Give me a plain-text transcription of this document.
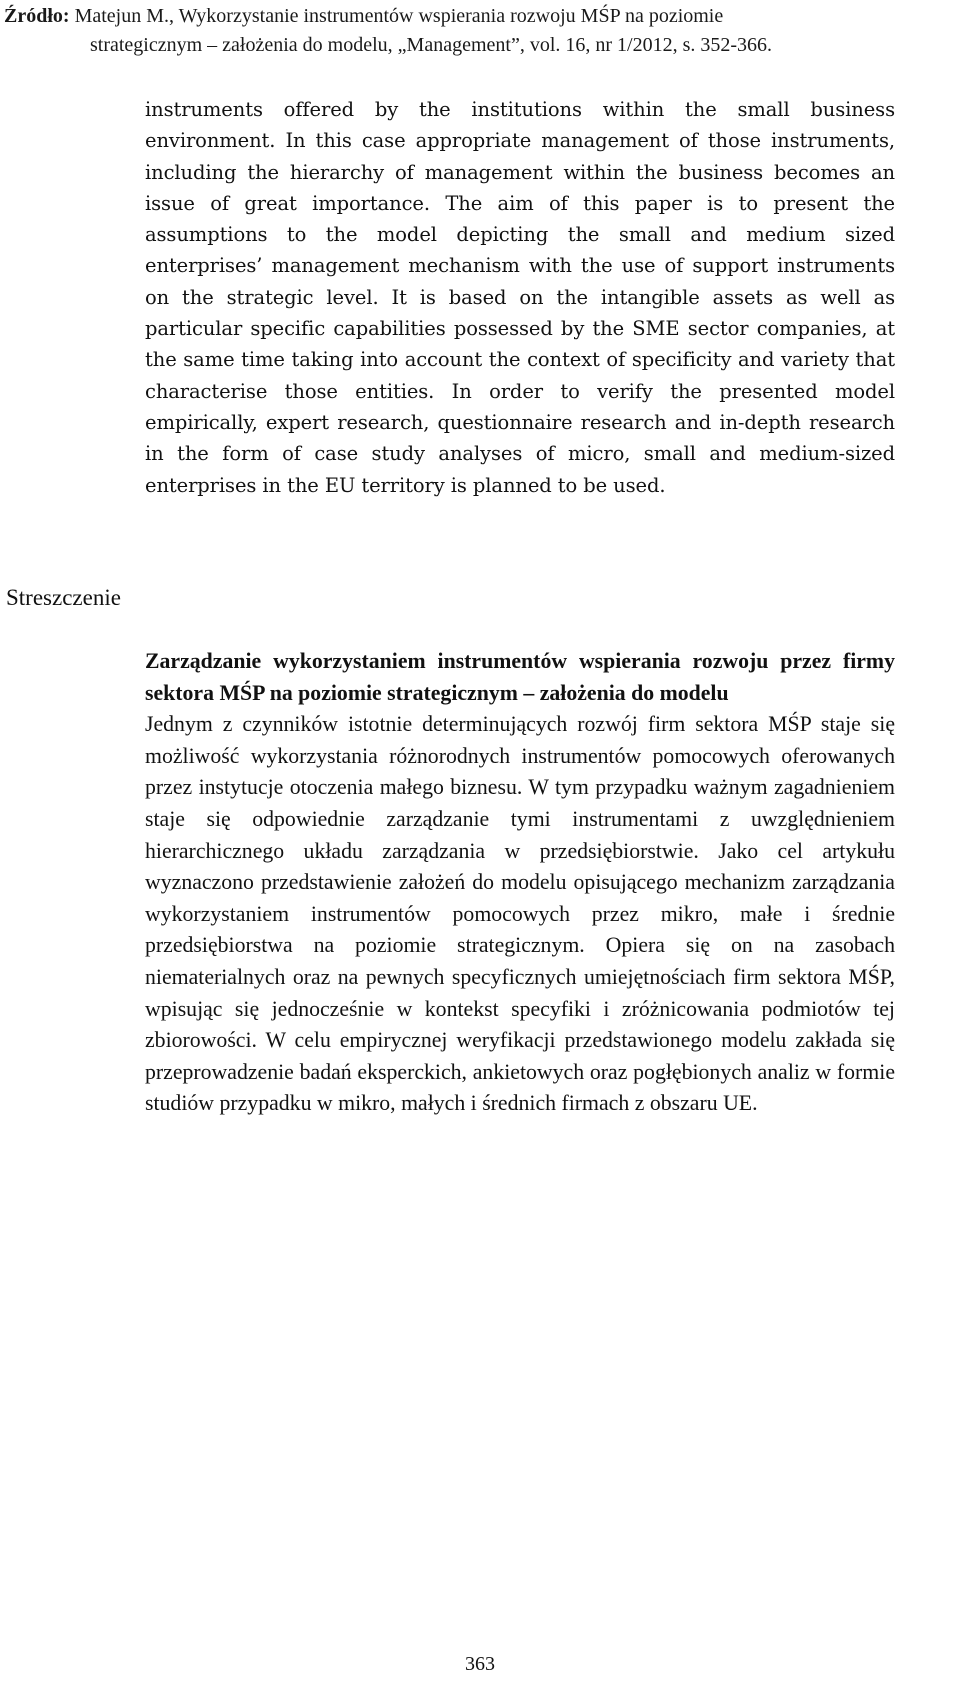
Źródło: Matejun M., Wykorzystanie instrumentów wspierania rozwoju MŚP na poziomie
strategicznym – założenia do modelu, „Management”, vol. 16, nr 1/2012, s. 352-366.

instruments offered by the institutions within the small business environment. In this case appropriate management of those instruments, including the hierarchy of management within the business becomes an issue of great importance. The aim of this paper is to present the assumptions to the model depicting the small and medium sized enterprises’ management mechanism with the use of support instruments on the strategic level. It is based on the intangible assets as well as particular specific capabilities possessed by the SME sector companies, at the same time taking into account the context of specificity and variety that characterise those entities. In order to verify the presented model empirically, expert research, questionnaire research and in-depth research in the form of case study analyses of micro, small and medium-sized enterprises in the EU territory is planned to be used.

Streszczenie
Zarządzanie wykorzystaniem instrumentów wspierania rozwoju przez firmy sektora MŚP na poziomie strategicznym – założenia do modelu

Jednym z czynników istotnie determinujących rozwój firm sektora MŚP staje się możliwość wykorzystania różnorodnych instrumentów pomocowych oferowanych przez instytucje otoczenia małego biznesu. W tym przypadku ważnym zagadnieniem staje się odpowiednie zarządzanie tymi instrumentami z uwzględnieniem hierarchicznego układu zarządzania w przedsiębiorstwie. Jako cel artykułu wyznaczono przedstawienie założeń do modelu opisującego mechanizm zarządzania wykorzystaniem instrumentów pomocowych przez mikro, małe i średnie przedsiębiorstwa na poziomie strategicznym. Opiera się on na zasobach niematerialnych oraz na pewnych specyficznych umiejętnościach firm sektora MŚP, wpisując się jednocześnie w kontekst specyfiki i zróżnicowania podmiotów tej zbiorowości. W celu empirycznej weryfikacji przedstawionego modelu zakłada się przeprowadzenie badań eksperckich, ankietowych oraz pogłębionych analiz w formie studiów przypadku w mikro, małych i średnich firmach z obszaru UE.

363
